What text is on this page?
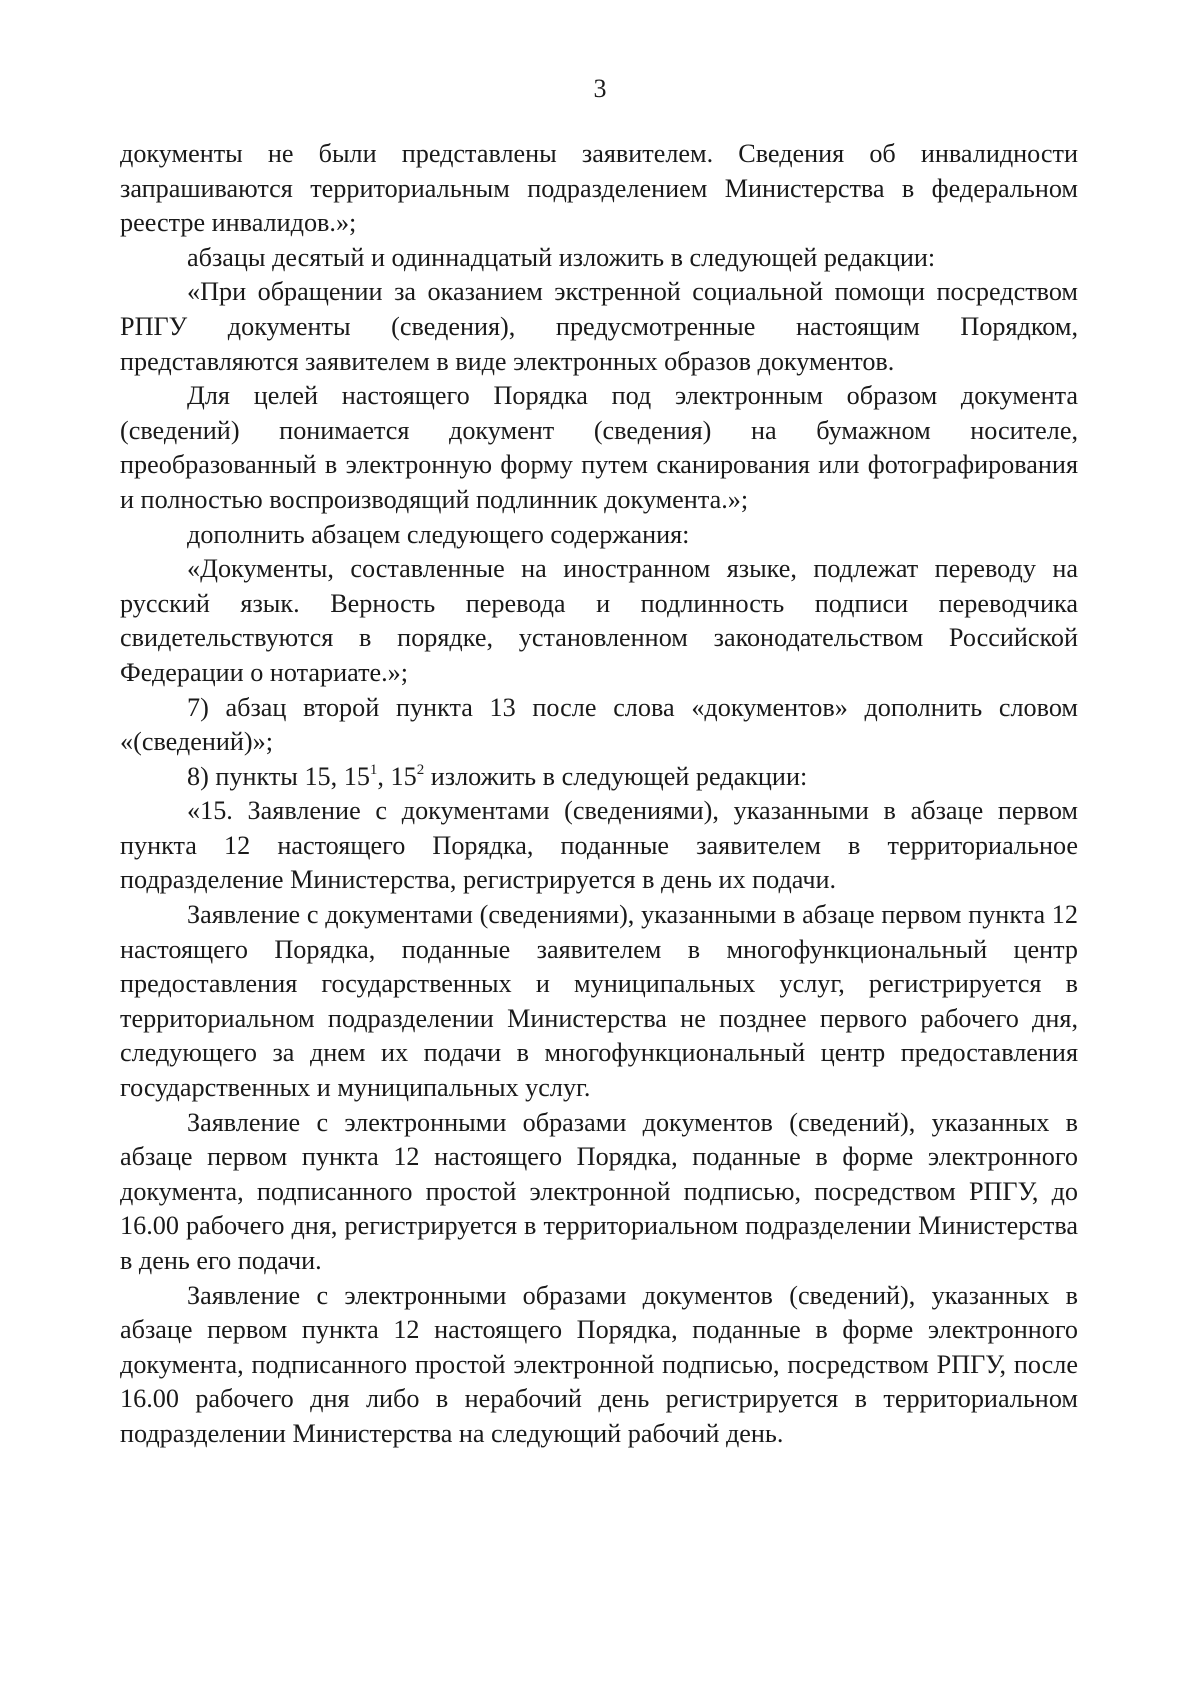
3

документы не были представлены заявителем. Сведения об инвалидности запрашиваются территориальным подразделением Министерства в федеральном реестре инвалидов.»;

абзацы десятый и одиннадцатый изложить в следующей редакции:

«При обращении за оказанием экстренной социальной помощи посредством РПГУ документы (сведения), предусмотренные настоящим Порядком, представляются заявителем в виде электронных образов документов.

Для целей настоящего Порядка под электронным образом документа (сведений) понимается документ (сведения) на бумажном носителе, преобразованный в электронную форму путем сканирования или фотографирования и полностью воспроизводящий подлинник документа.»;

дополнить абзацем следующего содержания:

«Документы, составленные на иностранном языке, подлежат переводу на русский язык. Верность перевода и подлинность подписи переводчика свидетельствуются в порядке, установленном законодательством Российской Федерации о нотариате.»;

7) абзац второй пункта 13 после слова «документов» дополнить словом «(сведений)»;

8) пункты 15, $15^1$, $15^2$ изложить в следующей редакции:

«15. Заявление с документами (сведениями), указанными в абзаце первом пункта 12 настоящего Порядка, поданные заявителем в территориальное подразделение Министерства, регистрируется в день их подачи.

Заявление с документами (сведениями), указанными в абзаце первом пункта 12 настоящего Порядка, поданные заявителем в многофункциональный центр предоставления государственных и муниципальных услуг, регистрируется в территориальном подразделении Министерства не позднее первого рабочего дня, следующего за днем их подачи в многофункциональный центр предоставления государственных и муниципальных услуг.

Заявление с электронными образами документов (сведений), указанных в абзаце первом пункта 12 настоящего Порядка, поданные в форме электронного документа, подписанного простой электронной подписью, посредством РПГУ, до 16.00 рабочего дня, регистрируется в территориальном подразделении Министерства в день его подачи.

Заявление с электронными образами документов (сведений), указанных в абзаце первом пункта 12 настоящего Порядка, поданные в форме электронного документа, подписанного простой электронной подписью, посредством РПГУ, после 16.00 рабочего дня либо в нерабочий день регистрируется в территориальном подразделении Министерства на следующий рабочий день.
